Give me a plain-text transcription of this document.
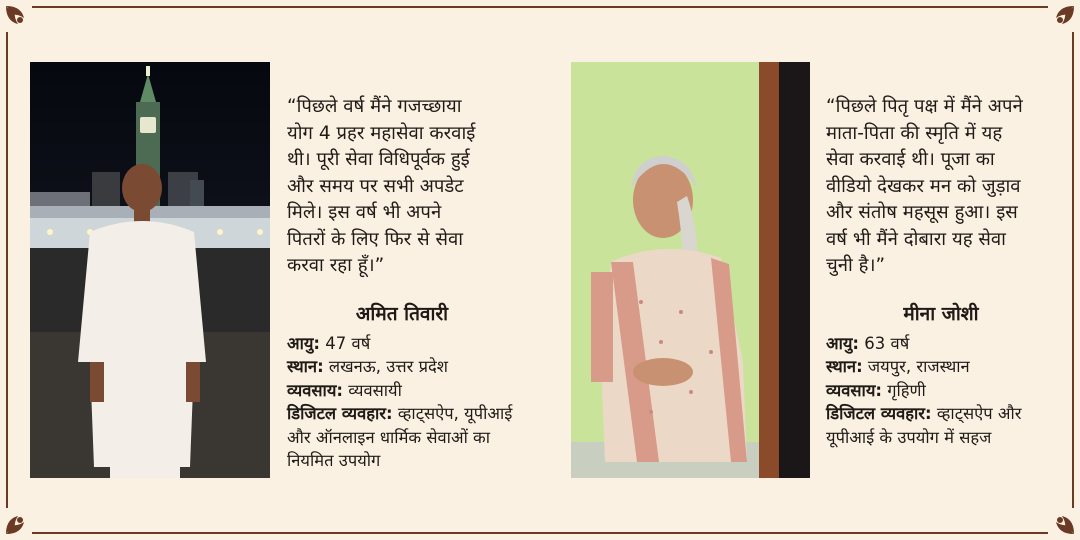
“पिछले वर्ष मैंने गजच्छाया
योग 4 प्रहर महासेवा करवाई
थी। पूरी सेवा विधिपूर्वक हुई
और समय पर सभी अपडेट
मिले। इस वर्ष भी अपने
पितरों के लिए फिर से सेवा
करवा रहा हूँ।”

अमित तिवारी
आयु: 47 वर्ष
स्थान: लखनऊ, उत्तर प्रदेश
व्यवसाय: व्यवसायी
डिजिटल व्यवहार: व्हाट्सऐप, यूपीआई और ऑनलाइन धार्मिक सेवाओं का नियमित उपयोग

“पिछले पितृ पक्ष में मैंने अपने
माता-पिता की स्मृति में यह
सेवा करवाई थी। पूजा का
वीडियो देखकर मन को जुड़ाव
और संतोष महसूस हुआ। इस
वर्ष भी मैंने दोबारा यह सेवा
चुनी है।”

मीना जोशी
आयु: 63 वर्ष
स्थान: जयपुर, राजस्थान
व्यवसाय: गृहिणी
डिजिटल व्यवहार: व्हाट्सऐप और यूपीआई के उपयोग में सहज
